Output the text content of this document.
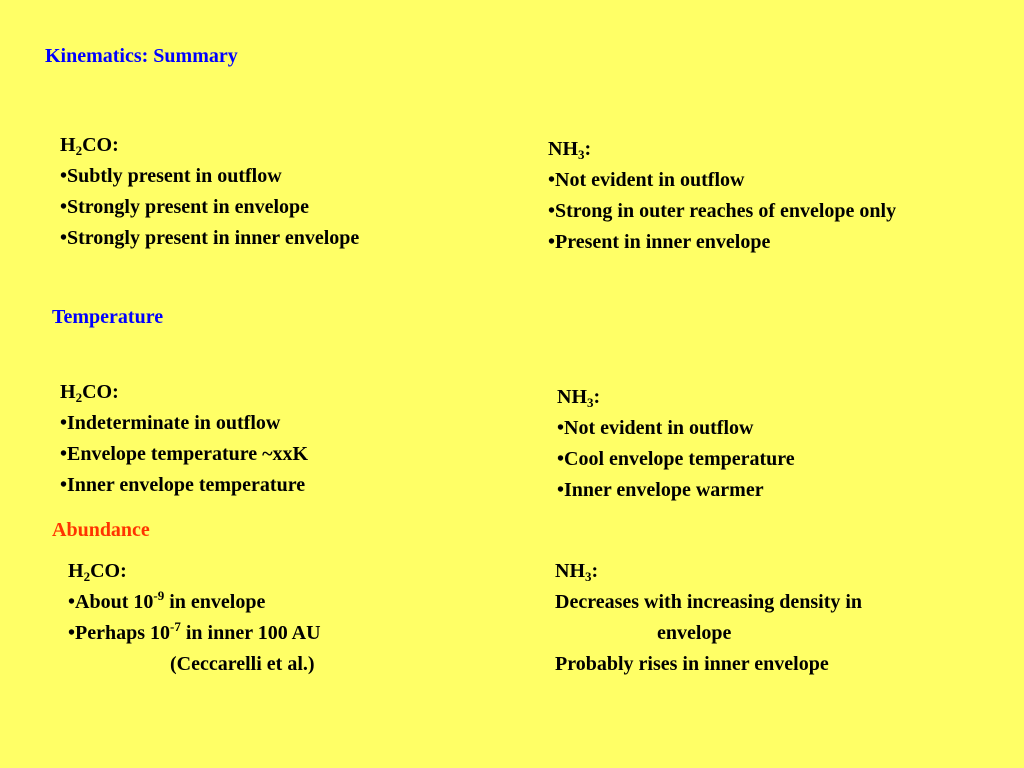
Kinematics: Summary
$H_2CO$:
•Subtly present in outflow
•Strongly present in envelope
•Strongly present in inner envelope
$NH_3$:
•Not evident in outflow
•Strong in outer reaches of envelope only
•Present in inner envelope
Temperature
$H_2CO$:
•Indeterminate in outflow
•Envelope temperature ~xxK
•Inner envelope temperature
$NH_3$:
•Not evident in outflow
•Cool envelope temperature
•Inner envelope warmer
Abundance
$H_2CO$:
•About $10^{-9}$ in envelope
•Perhaps $10^{-7}$ in inner 100 AU
(Ceccarelli et al.)
$NH_3$:
Decreases with increasing density in
envelope
Probably rises in inner envelope
